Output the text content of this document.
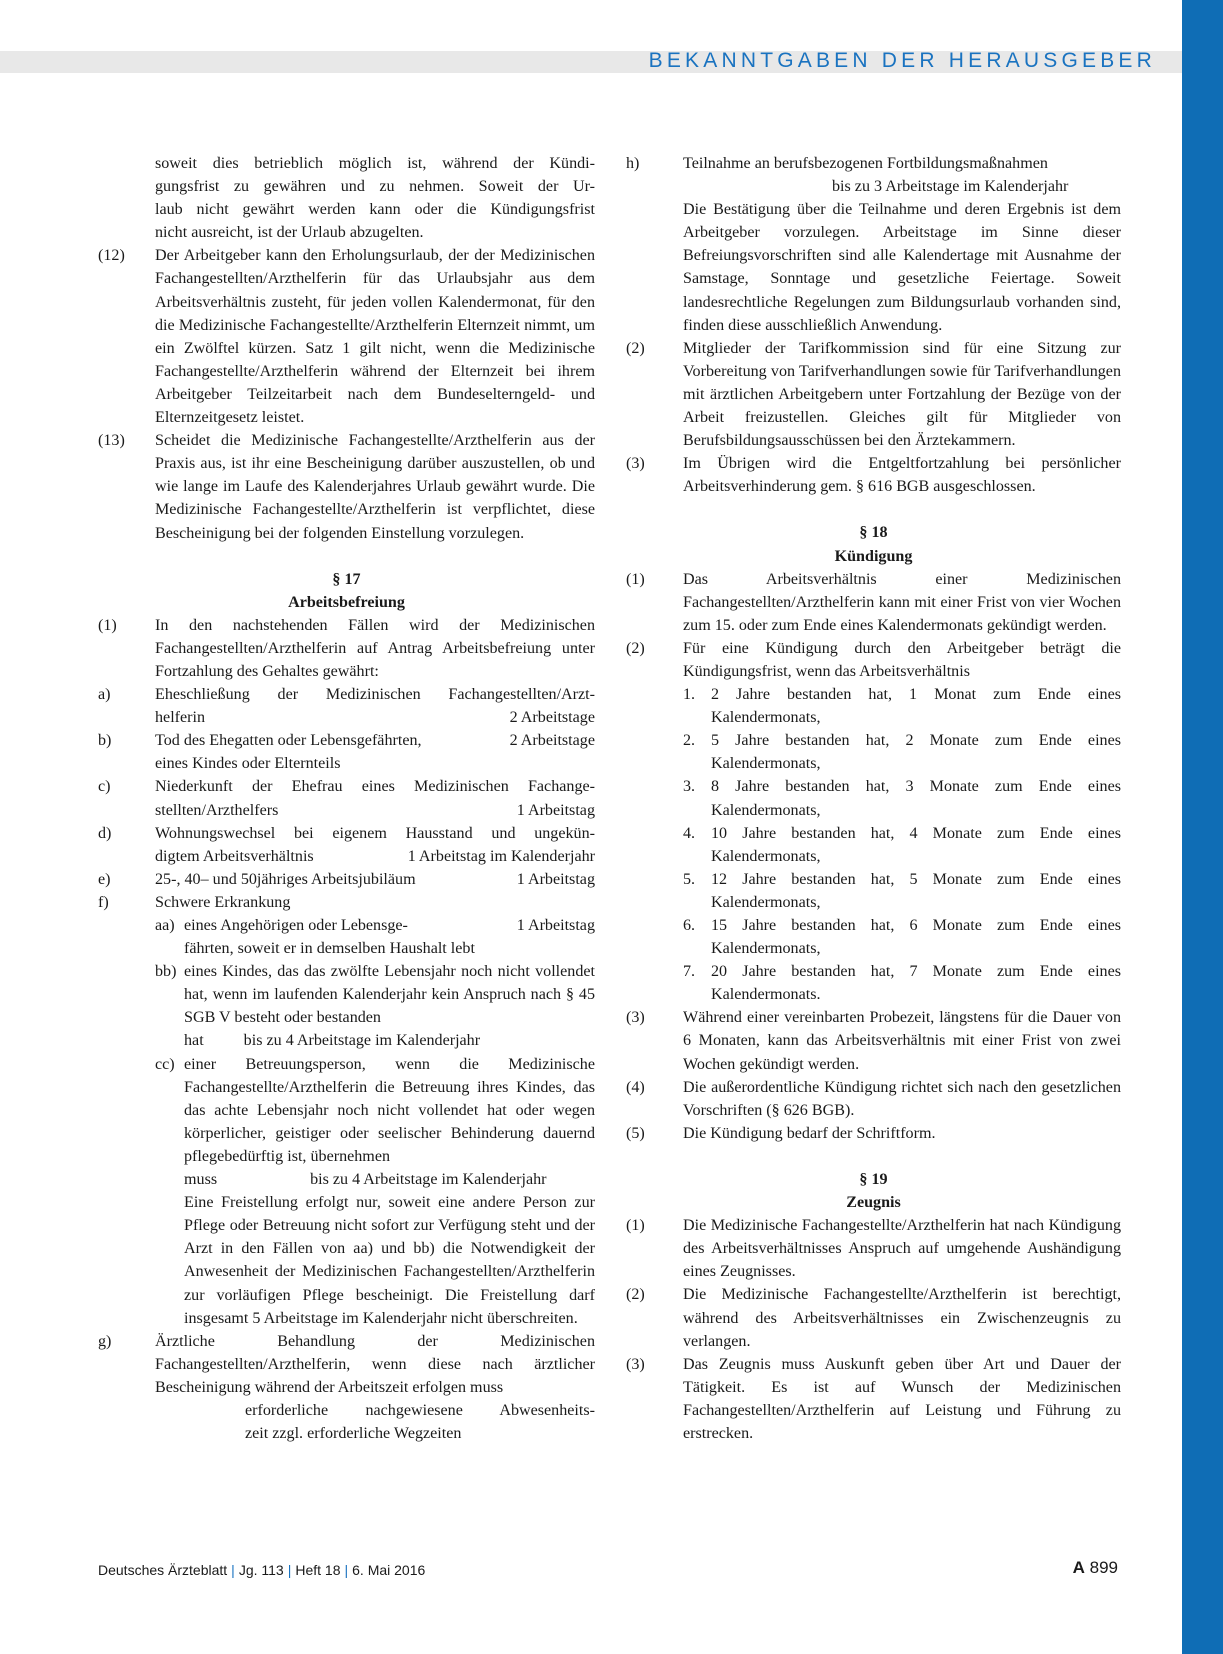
BEKANNTGABEN DER HERAUSGEBER
soweit dies betrieblich möglich ist, während der Kündi-
gungsfrist zu gewähren und zu nehmen. Soweit der Ur-
laub nicht gewährt werden kann oder die Kündigungsfrist
nicht ausreicht, ist der Urlaub abzugelten.
(12)	Der Arbeitgeber kann den Erholungsurlaub, der der Medizinischen Fachangestellten/Arzthelferin für das Urlaubsjahr aus dem Arbeitsverhältnis zusteht, für jeden vollen Kalendermonat, für den die Medizinische Fachangestellte/Arzthelferin Elternzeit nimmt, um ein Zwölftel kürzen. Satz 1 gilt nicht, wenn die Medizinische Fachangestellte/Arzthelferin während der Elternzeit bei ihrem Arbeitgeber Teilzeitarbeit nach dem Bundeselterngeld- und Elternzeitgesetz leistet.
(13)	Scheidet die Medizinische Fachangestellte/Arzthelferin aus der Praxis aus, ist ihr eine Bescheinigung darüber auszustellen, ob und wie lange im Laufe des Kalenderjahres Urlaub gewährt wurde. Die Medizinische Fachangestellte/Arzthelferin ist verpflichtet, diese Bescheinigung bei der folgenden Einstellung vorzulegen.
§ 17
Arbeitsbefreiung
(1)	In den nachstehenden Fällen wird der Medizinischen Fachangestellten/Arzthelferin auf Antrag Arbeitsbefreiung unter Fortzahlung des Gehaltes gewährt:
a)	Eheschließung der Medizinischen Fachangestellten/Arzt-
helferin	2 Arbeitstage
b)	Tod des Ehegatten oder Lebensgefährten,	2 Arbeitstage
eines Kindes oder Elternteils
c)	Niederkunft der Ehefrau eines Medizinischen Fachange-
stellten/Arzthelfers	1 Arbeitstag
d)	Wohnungswechsel bei eigenem Hausstand und ungekün-
digtem Arbeitsverhältnis	1 Arbeitstag im Kalenderjahr
e)	25-, 40– und 50jähriges Arbeitsjubiläum	1 Arbeitstag
f)	Schwere Erkrankung
aa) eines Angehörigen oder Lebensge-	1 Arbeitstag
fährten, soweit er in demselben Haushalt lebt
bb) eines Kindes, das das zwölfte Lebensjahr noch nicht vollendet hat, wenn im laufenden Kalenderjahr kein Anspruch nach § 45 SGB V besteht oder bestanden
hat bis zu 4 Arbeitstage im Kalenderjahr
cc) einer Betreuungsperson, wenn die Medizinische Fachangestellte/Arzthelferin die Betreuung ihres Kindes, das das achte Lebensjahr noch nicht vollendet hat oder wegen körperlicher, geistiger oder seelischer Behinderung dauernd pflegebedürftig ist, übernehmen
muss	bis zu 4 Arbeitstage im Kalenderjahr
Eine Freistellung erfolgt nur, soweit eine andere Person zur Pflege oder Betreuung nicht sofort zur Verfügung steht und der Arzt in den Fällen von aa) und bb) die Notwendigkeit der Anwesenheit der Medizinischen Fachangestellten/Arzthelferin zur vorläufigen Pflege bescheinigt. Die Freistellung darf insgesamt 5 Arbeitstage im Kalenderjahr nicht überschreiten.
g)	Ärztliche Behandlung der Medizinischen Fachangestellten/Arzthelferin, wenn diese nach ärztlicher Bescheinigung während der Arbeitszeit erfolgen muss
erforderliche nachgewiesene Abwesenheits-
zeit zzgl. erforderliche Wegzeiten
h)	Teilnahme an berufsbezogenen Fortbildungsmaßnahmen
bis zu 3 Arbeitstage im Kalenderjahr
Die Bestätigung über die Teilnahme und deren Ergebnis ist dem Arbeitgeber vorzulegen. Arbeitstage im Sinne dieser Befreiungsvorschriften sind alle Kalendertage mit Ausnahme der Samstage, Sonntage und gesetzliche Feiertage. Soweit landesrechtliche Regelungen zum Bildungsurlaub vorhanden sind, finden diese ausschließlich Anwendung.
(2)	Mitglieder der Tarifkommission sind für eine Sitzung zur Vorbereitung von Tarifverhandlungen sowie für Tarifverhandlungen mit ärztlichen Arbeitgebern unter Fortzahlung der Bezüge von der Arbeit freizustellen. Gleiches gilt für Mitglieder von Berufsbildungsausschüssen bei den Ärztekammern.
(3)	Im Übrigen wird die Entgeltfortzahlung bei persönlicher Arbeitsverhinderung gem. § 616 BGB ausgeschlossen.
§ 18
Kündigung
(1)	Das Arbeitsverhältnis einer Medizinischen Fachangestellten/Arzthelferin kann mit einer Frist von vier Wochen zum 15. oder zum Ende eines Kalendermonats gekündigt werden.
(2)	Für eine Kündigung durch den Arbeitgeber beträgt die Kündigungsfrist, wenn das Arbeitsverhältnis
1. 2 Jahre bestanden hat, 1 Monat zum Ende eines Kalendermonats,
2. 5 Jahre bestanden hat, 2 Monate zum Ende eines Kalendermonats,
3. 8 Jahre bestanden hat, 3 Monate zum Ende eines Kalendermonats,
4. 10 Jahre bestanden hat, 4 Monate zum Ende eines Kalendermonats,
5. 12 Jahre bestanden hat, 5 Monate zum Ende eines Kalendermonats,
6. 15 Jahre bestanden hat, 6 Monate zum Ende eines Kalendermonats,
7. 20 Jahre bestanden hat, 7 Monate zum Ende eines Kalendermonats.
(3)	Während einer vereinbarten Probezeit, längstens für die Dauer von 6 Monaten, kann das Arbeitsverhältnis mit einer Frist von zwei Wochen gekündigt werden.
(4)	Die außerordentliche Kündigung richtet sich nach den gesetzlichen Vorschriften (§ 626 BGB).
(5)	Die Kündigung bedarf der Schriftform.
§ 19
Zeugnis
(1)	Die Medizinische Fachangestellte/Arzthelferin hat nach Kündigung des Arbeitsverhältnisses Anspruch auf umgehende Aushändigung eines Zeugnisses.
(2)	Die Medizinische Fachangestellte/Arzthelferin ist berechtigt, während des Arbeitsverhältnisses ein Zwischenzeugnis zu verlangen.
(3)	Das Zeugnis muss Auskunft geben über Art und Dauer der Tätigkeit. Es ist auf Wunsch der Medizinischen Fachangestellten/Arzthelferin auf Leistung und Führung zu erstrecken.
Deutsches Ärzteblatt | Jg. 113 | Heft 18 | 6. Mai 2016	A 899
